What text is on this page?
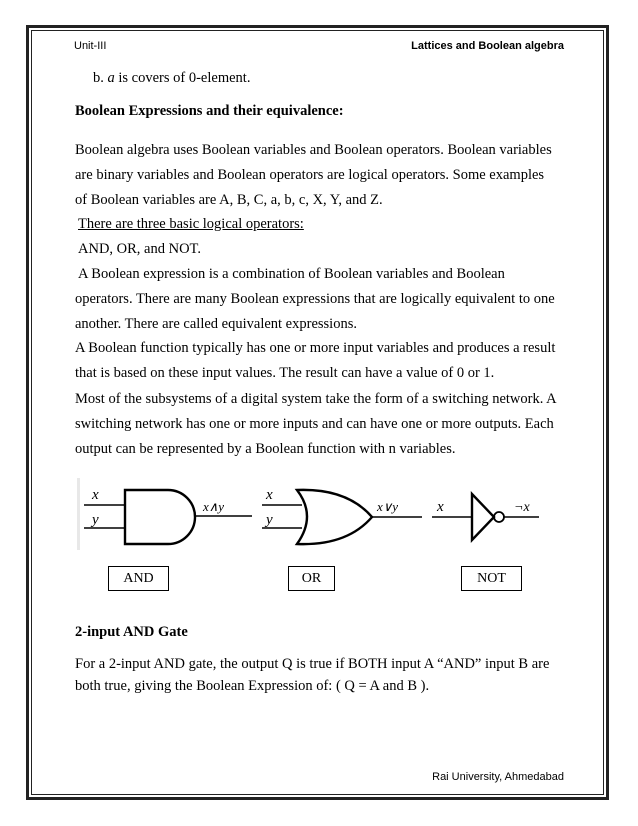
Unit-III	Lattices and Boolean algebra
b. a is covers of 0-element.
Boolean Expressions and their equivalence:
Boolean algebra uses Boolean variables and Boolean operators. Boolean variables
are binary variables and Boolean operators are logical operators. Some examples
of Boolean variables are A, B, C, a, b, c, X, Y, and Z.
There are three basic logical operators:
AND, OR, and NOT.
A Boolean expression is a combination of Boolean variables and Boolean
operators. There are many Boolean expressions that are logically equivalent to one
another. There are called equivalent expressions.
A Boolean function typically has one or more input variables and produces a result
that is based on these input values. The result can have a value of 0 or 1.
Most of the subsystems of a digital system take the form of a switching network. A
switching network has one or more inputs and can have one or more outputs. Each
output can be represented by a Boolean function with n variables.
x
y
x∧y
x
y
x∨y	x	¬x
AND	OR	NOT
2-input AND Gate
For a 2-input AND gate, the output Q is true if BOTH input A “AND” input B are
both true, giving the Boolean Expression of: ( Q = A and B ).
Rai University, Ahmedabad
